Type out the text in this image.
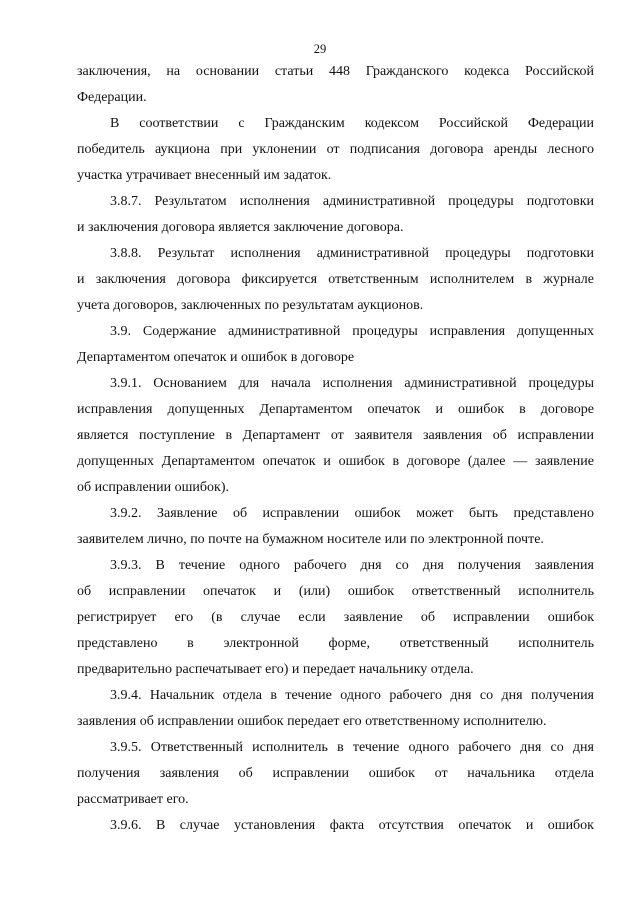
29
заключения, на основании статьи 448 Гражданского кодекса Российской
Федерации.
В соответствии с Гражданским кодексом Российской Федерации
победитель аукциона при уклонении от подписания договора аренды лесного
участка утрачивает внесенный им задаток.
3.8.7. Результатом исполнения административной процедуры подготовки
и заключения договора является заключение договора.
3.8.8. Результат исполнения административной процедуры подготовки
и заключения договора фиксируется ответственным исполнителем в журнале
учета договоров, заключенных по результатам аукционов.
3.9. Содержание административной процедуры исправления допущенных
Департаментом опечаток и ошибок в договоре
3.9.1. Основанием для начала исполнения административной процедуры
исправления допущенных Департаментом опечаток и ошибок в договоре
является поступление в Департамент от заявителя заявления об исправлении
допущенных Департаментом опечаток и ошибок в договоре (далее — заявление
об исправлении ошибок).
3.9.2. Заявление об исправлении ошибок может быть представлено
заявителем лично, по почте на бумажном носителе или по электронной почте.
3.9.3. В течение одного рабочего дня со дня получения заявления
об исправлении опечаток и (или) ошибок ответственный исполнитель
регистрирует его (в случае если заявление об исправлении ошибок
представлено в электронной форме, ответственный исполнитель
предварительно распечатывает его) и передает начальнику отдела.
3.9.4. Начальник отдела в течение одного рабочего дня со дня получения
заявления об исправлении ошибок передает его ответственному исполнителю.
3.9.5. Ответственный исполнитель в течение одного рабочего дня со дня
получения заявления об исправлении ошибок от начальника отдела
рассматривает его.
3.9.6. В случае установления факта отсутствия опечаток и ошибок
